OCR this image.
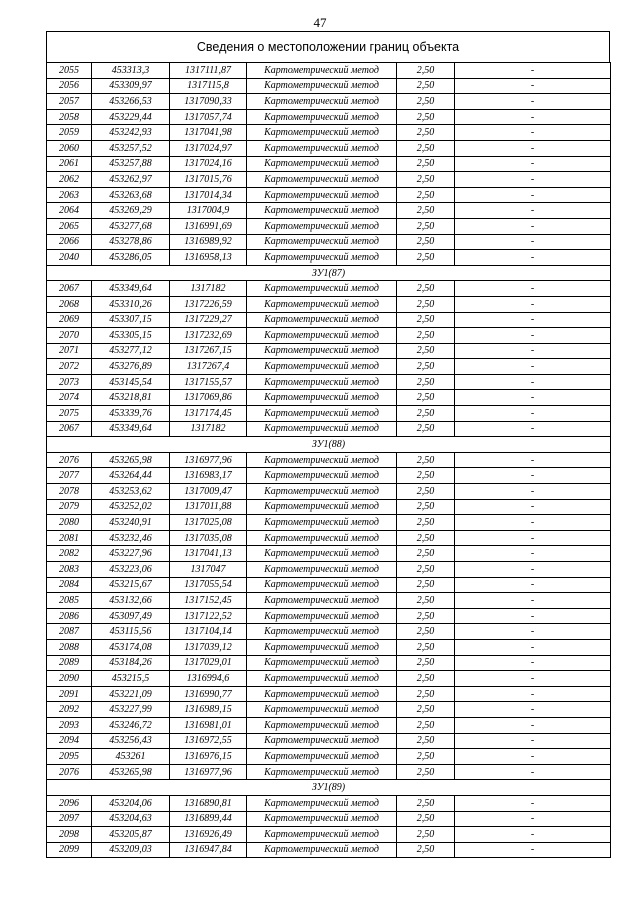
47
Сведения о местоположении границ объекта
2055	453313,3	1317111,87	Картометрический метод	2,50	-
2056	453309,97	1317115,8	Картометрический метод	2,50	-
2057	453266,53	1317090,33	Картометрический метод	2,50	-
2058	453229,44	1317057,74	Картометрический метод	2,50	-
2059	453242,93	1317041,98	Картометрический метод	2,50	-
2060	453257,52	1317024,97	Картометрический метод	2,50	-
2061	453257,88	1317024,16	Картометрический метод	2,50	-
2062	453262,97	1317015,76	Картометрический метод	2,50	-
2063	453263,68	1317014,34	Картометрический метод	2,50	-
2064	453269,29	1317004,9	Картометрический метод	2,50	-
2065	453277,68	1316991,69	Картометрический метод	2,50	-
2066	453278,86	1316989,92	Картометрический метод	2,50	-
2040	453286,05	1316958,13	Картометрический метод	2,50	-
ЗУ1(87)					
2067	453349,64	1317182	Картометрический метод	2,50	-
2068	453310,26	1317226,59	Картометрический метод	2,50	-
2069	453307,15	1317229,27	Картометрический метод	2,50	-
2070	453305,15	1317232,69	Картометрический метод	2,50	-
2071	453277,12	1317267,15	Картометрический метод	2,50	-
2072	453276,89	1317267,4	Картометрический метод	2,50	-
2073	453145,54	1317155,57	Картометрический метод	2,50	-
2074	453218,81	1317069,86	Картометрический метод	2,50	-
2075	453339,76	1317174,45	Картометрический метод	2,50	-
2067	453349,64	1317182	Картометрический метод	2,50	-
ЗУ1(88)					
2076	453265,98	1316977,96	Картометрический метод	2,50	-
2077	453264,44	1316983,17	Картометрический метод	2,50	-
2078	453253,62	1317009,47	Картометрический метод	2,50	-
2079	453252,02	1317011,88	Картометрический метод	2,50	-
2080	453240,91	1317025,08	Картометрический метод	2,50	-
2081	453232,46	1317035,08	Картометрический метод	2,50	-
2082	453227,96	1317041,13	Картометрический метод	2,50	-
2083	453223,06	1317047	Картометрический метод	2,50	-
2084	453215,67	1317055,54	Картометрический метод	2,50	-
2085	453132,66	1317152,45	Картометрический метод	2,50	-
2086	453097,49	1317122,52	Картометрический метод	2,50	-
2087	453115,56	1317104,14	Картометрический метод	2,50	-
2088	453174,08	1317039,12	Картометрический метод	2,50	-
2089	453184,26	1317029,01	Картометрический метод	2,50	-
2090	453215,5	1316994,6	Картометрический метод	2,50	-
2091	453221,09	1316990,77	Картометрический метод	2,50	-
2092	453227,99	1316989,15	Картометрический метод	2,50	-
2093	453246,72	1316981,01	Картометрический метод	2,50	-
2094	453256,43	1316972,55	Картометрический метод	2,50	-
2095	453261	1316976,15	Картометрический метод	2,50	-
2076	453265,98	1316977,96	Картометрический метод	2,50	-
ЗУ1(89)					
2096	453204,06	1316890,81	Картометрический метод	2,50	-
2097	453204,63	1316899,44	Картометрический метод	2,50	-
2098	453205,87	1316926,49	Картометрический метод	2,50	-
2099	453209,03	1316947,84	Картометрический метод	2,50	-
